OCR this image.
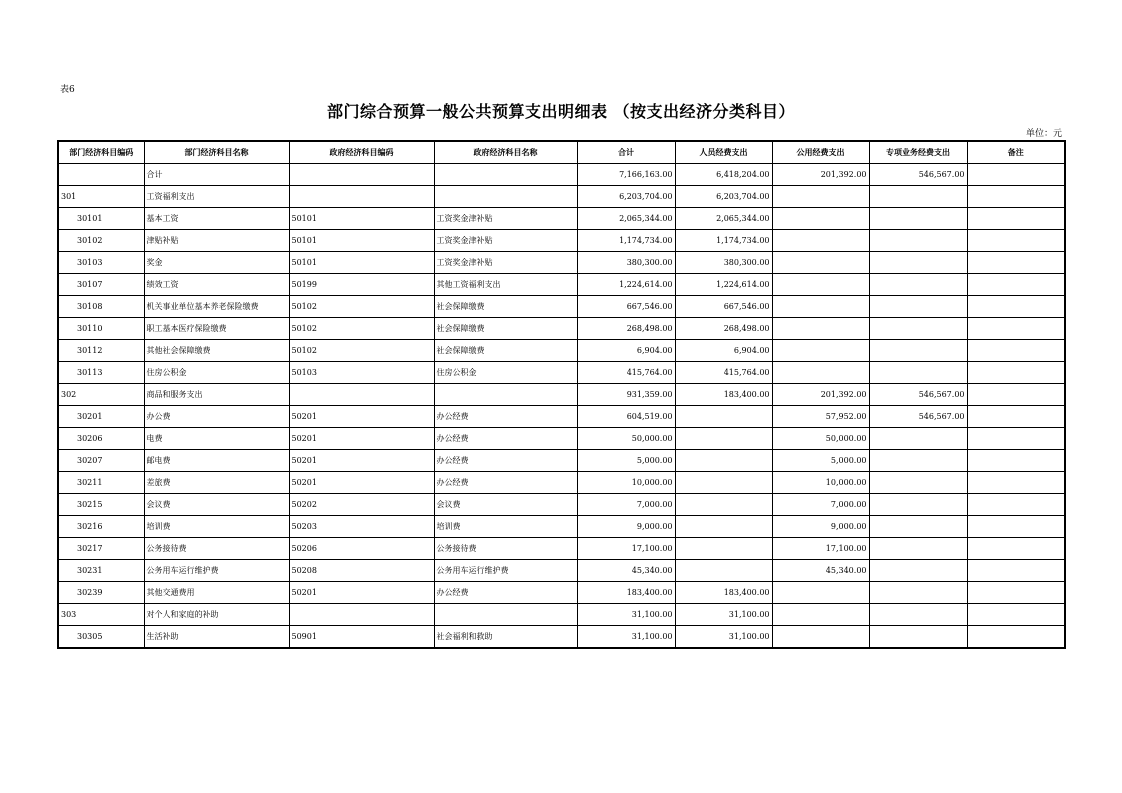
表6
部门综合预算一般公共预算支出明细表 （按支出经济分类科目）
单位：元
部门经济科目编码	部门经济科目名称	政府经济科目编码	政府经济科目名称	合计	人员经费支出	公用经费支出	专项业务经费支出	备注
	合计			7,166,163.00	6,418,204.00	201,392.00	546,567.00	
301	工资福利支出			6,203,704.00	6,203,704.00			
30101	基本工资	50101	工资奖金津补贴	2,065,344.00	2,065,344.00			
30102	津贴补贴	50101	工资奖金津补贴	1,174,734.00	1,174,734.00			
30103	奖金	50101	工资奖金津补贴	380,300.00	380,300.00			
30107	绩效工资	50199	其他工资福利支出	1,224,614.00	1,224,614.00			
30108	机关事业单位基本养老保险缴费	50102	社会保障缴费	667,546.00	667,546.00			
30110	职工基本医疗保险缴费	50102	社会保障缴费	268,498.00	268,498.00			
30112	其他社会保障缴费	50102	社会保障缴费	6,904.00	6,904.00			
30113	住房公积金	50103	住房公积金	415,764.00	415,764.00			
302	商品和服务支出			931,359.00	183,400.00	201,392.00	546,567.00	
30201	办公费	50201	办公经费	604,519.00		57,952.00	546,567.00	
30206	电费	50201	办公经费	50,000.00		50,000.00		
30207	邮电费	50201	办公经费	5,000.00		5,000.00		
30211	差旅费	50201	办公经费	10,000.00		10,000.00		
30215	会议费	50202	会议费	7,000.00		7,000.00		
30216	培训费	50203	培训费	9,000.00		9,000.00		
30217	公务接待费	50206	公务接待费	17,100.00		17,100.00		
30231	公务用车运行维护费	50208	公务用车运行维护费	45,340.00		45,340.00		
30239	其他交通费用	50201	办公经费	183,400.00	183,400.00			
303	对个人和家庭的补助			31,100.00	31,100.00			
30305	生活补助	50901	社会福利和救助	31,100.00	31,100.00			
